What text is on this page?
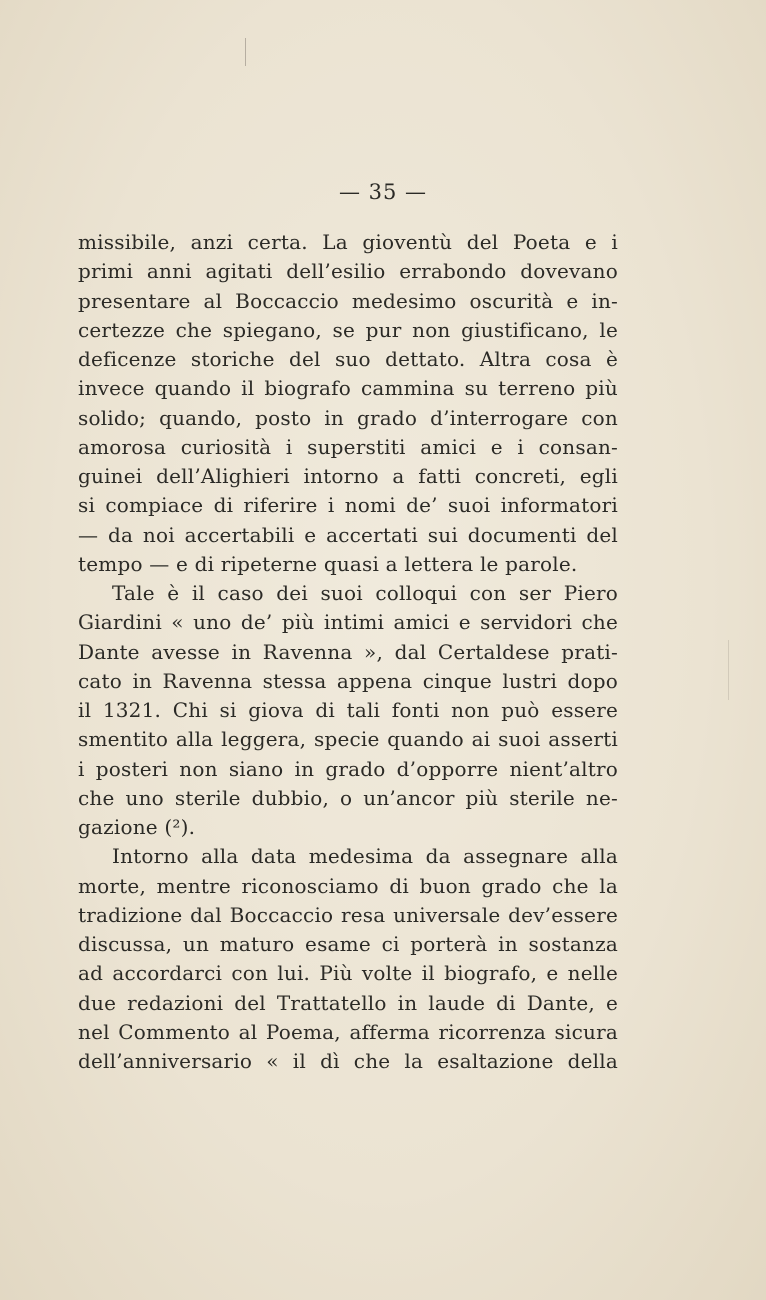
— 35 —
missibile, anzi certa. La gioventù del Poeta e i
primi anni agitati dell’esilio errabondo dovevano
presentare al Boccaccio medesimo oscurità e in-
certezze che spiegano, se pur non giustificano, le
deficenze storiche del suo dettato. Altra cosa è
invece quando il biografo cammina su terreno più
solido; quando, posto in grado d’interrogare con
amorosa curiosità i superstiti amici e i consan-
guinei dell’Alighieri intorno a fatti concreti, egli
si compiace di riferire i nomi de’ suoi informatori
— da noi accertabili e accertati sui documenti del
tempo — e di ripeterne quasi a lettera le parole.
Tale è il caso dei suoi colloqui con ser Piero
Giardini « uno de’ più intimi amici e servidori che
Dante avesse in Ravenna », dal Certaldese prati-
cato in Ravenna stessa appena cinque lustri dopo
il 1321. Chi si giova di tali fonti non può essere
smentito alla leggera, specie quando ai suoi asserti
i posteri non siano in grado d’opporre nient’altro
che uno sterile dubbio, o un’ancor più sterile ne-
gazione (²).
Intorno alla data medesima da assegnare alla
morte, mentre riconosciamo di buon grado che la
tradizione dal Boccaccio resa universale dev’essere
discussa, un maturo esame ci porterà in sostanza
ad accordarci con lui. Più volte il biografo, e nelle
due redazioni del Trattatello in laude di Dante, e
nel Commento al Poema, afferma ricorrenza sicura
dell’anniversario « il dì che la esaltazione della
